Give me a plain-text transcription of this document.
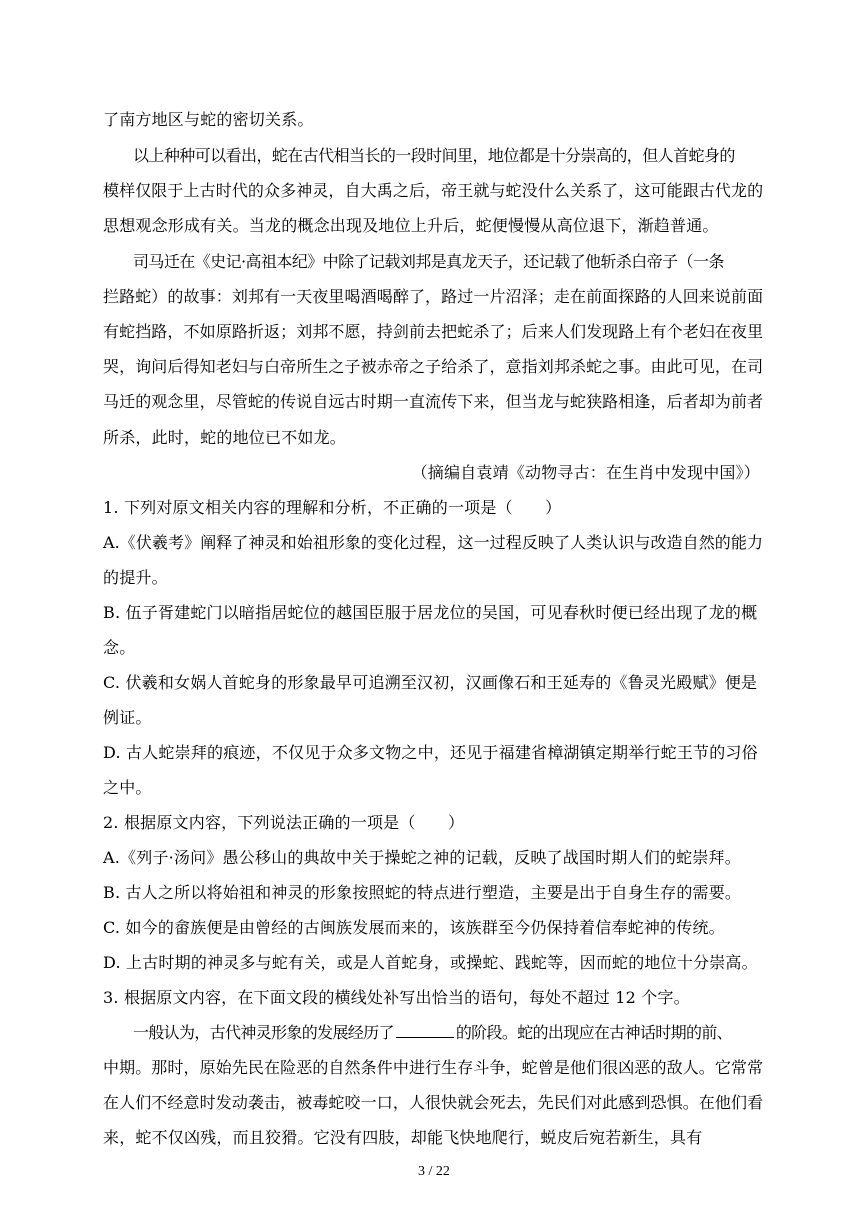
了南方地区与蛇的密切关系。
以上种种可以看出，蛇在古代相当长的一段时间里，地位都是十分崇高的，但人首蛇身的
模样仅限于上古时代的众多神灵，自大禹之后，帝王就与蛇没什么关系了，这可能跟古代龙的
思想观念形成有关。当龙的概念出现及地位上升后，蛇便慢慢从高位退下，渐趋普通。
司马迁在《史记·高祖本纪》中除了记载刘邦是真龙天子，还记载了他斩杀白帝子（一条
拦路蛇）的故事：刘邦有一天夜里喝酒喝醉了，路过一片沼泽；走在前面探路的人回来说前面
有蛇挡路，不如原路折返；刘邦不愿，持剑前去把蛇杀了；后来人们发现路上有个老妇在夜里
哭，询问后得知老妇与白帝所生之子被赤帝之子给杀了，意指刘邦杀蛇之事。由此可见，在司
马迁的观念里，尽管蛇的传说自远古时期一直流传下来，但当龙与蛇狭路相逢，后者却为前者
所杀，此时，蛇的地位已不如龙。
（摘编自袁靖《动物寻古：在生肖中发现中国》）
1. 下列对原文相关内容的理解和分析，不正确的一项是（　　）
A.《伏羲考》阐释了神灵和始祖形象的变化过程，这一过程反映了人类认识与改造自然的能力
的提升。
B. 伍子胥建蛇门以暗指居蛇位的越国臣服于居龙位的吴国，可见春秋时便已经出现了龙的概
念。
C. 伏羲和女娲人首蛇身的形象最早可追溯至汉初，汉画像石和王延寿的《鲁灵光殿赋》便是
例证。
D. 古人蛇崇拜的痕迹，不仅见于众多文物之中，还见于福建省樟湖镇定期举行蛇王节的习俗
之中。
2. 根据原文内容，下列说法正确的一项是（　　）
A.《列子·汤问》愚公移山的典故中关于操蛇之神的记载，反映了战国时期人们的蛇崇拜。
B. 古人之所以将始祖和神灵的形象按照蛇的特点进行塑造，主要是出于自身生存的需要。
C. 如今的畲族便是由曾经的古闽族发展而来的，该族群至今仍保持着信奉蛇神的传统。
D. 上古时期的神灵多与蛇有关，或是人首蛇身，或操蛇、践蛇等，因而蛇的地位十分崇高。
3. 根据原文内容，在下面文段的横线处补写出恰当的语句，每处不超过 12 个字。
一般认为，古代神灵形象的发展经历了	的阶段。蛇的出现应在古神话时期的前、
中期。那时，原始先民在险恶的自然条件中进行生存斗争，蛇曾是他们很凶恶的敌人。它常常
在人们不经意时发动袭击，被毒蛇咬一口，人很快就会死去，先民们对此感到恐惧。在他们看
来，蛇不仅凶残，而且狡猾。它没有四肢，却能飞快地爬行，蜕皮后宛若新生，具有
3 / 22
